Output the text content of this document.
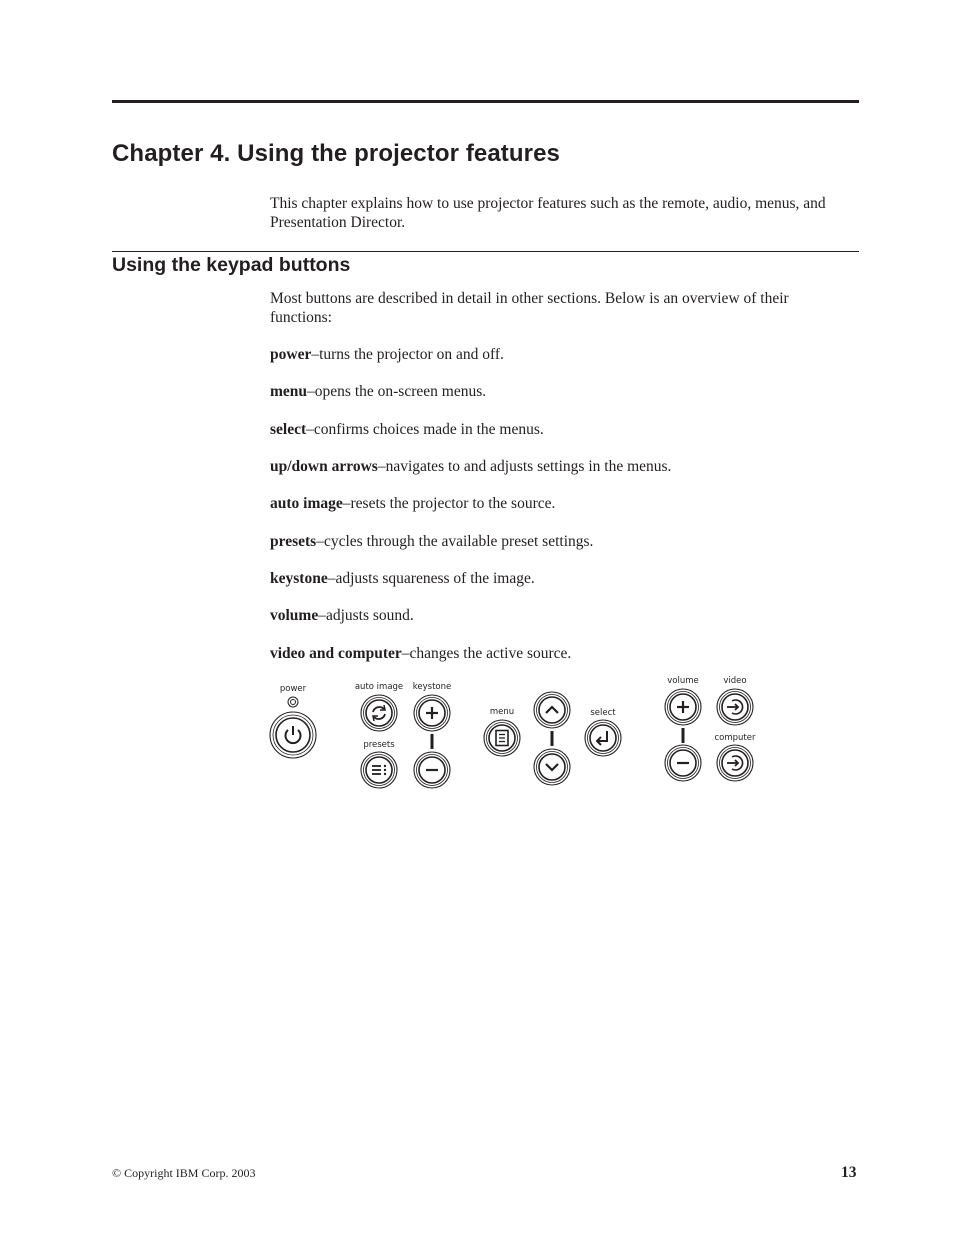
Chapter 4. Using the projector features

This chapter explains how to use projector features such as the remote, audio, menus, and Presentation Director.

Using the keypad buttons

Most buttons are described in detail in other sections. Below is an overview of their functions:

power–turns the projector on and off.

menu–opens the on-screen menus.

select–confirms choices made in the menus.

up/down arrows–navigates to and adjusts settings in the menus.

auto image–resets the projector to the source.

presets–cycles through the available preset settings.

keystone–adjusts squareness of the image.

volume–adjusts sound.

video and computer–changes the active source.

power	auto image keystone
presets
menu	select
volume	video
computer
© Copyright IBM Corp. 2003	13
